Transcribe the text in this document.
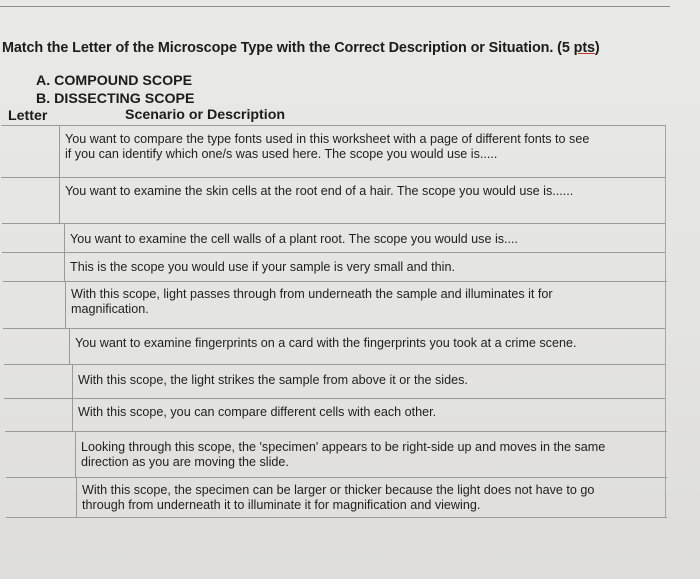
Match the Letter of the Microscope Type with the Correct Description or Situation. (5 pts)
A. COMPOUND SCOPE
B. DISSECTING SCOPE
Letter	Scenario or Description
You want to compare the type fonts used in this worksheet with a page of different fonts to see
if you can identify which one/s was used here. The scope you would use is.....
You want to examine the skin cells at the root end of a hair. The scope you would use is......
You want to examine the cell walls of a plant root. The scope you would use is....
This is the scope you would use if your sample is very small and thin.
With this scope, light passes through from underneath the sample and illuminates it for
magnification.
You want to examine fingerprints on a card with the fingerprints you took at a crime scene.
With this scope, the light strikes the sample from above it or the sides.
With this scope, you can compare different cells with each other.
Looking through this scope, the 'specimen' appears to be right-side up and moves in the same
direction as you are moving the slide.
With this scope, the specimen can be larger or thicker because the light does not have to go
through from underneath it to illuminate it for magnification and viewing.
